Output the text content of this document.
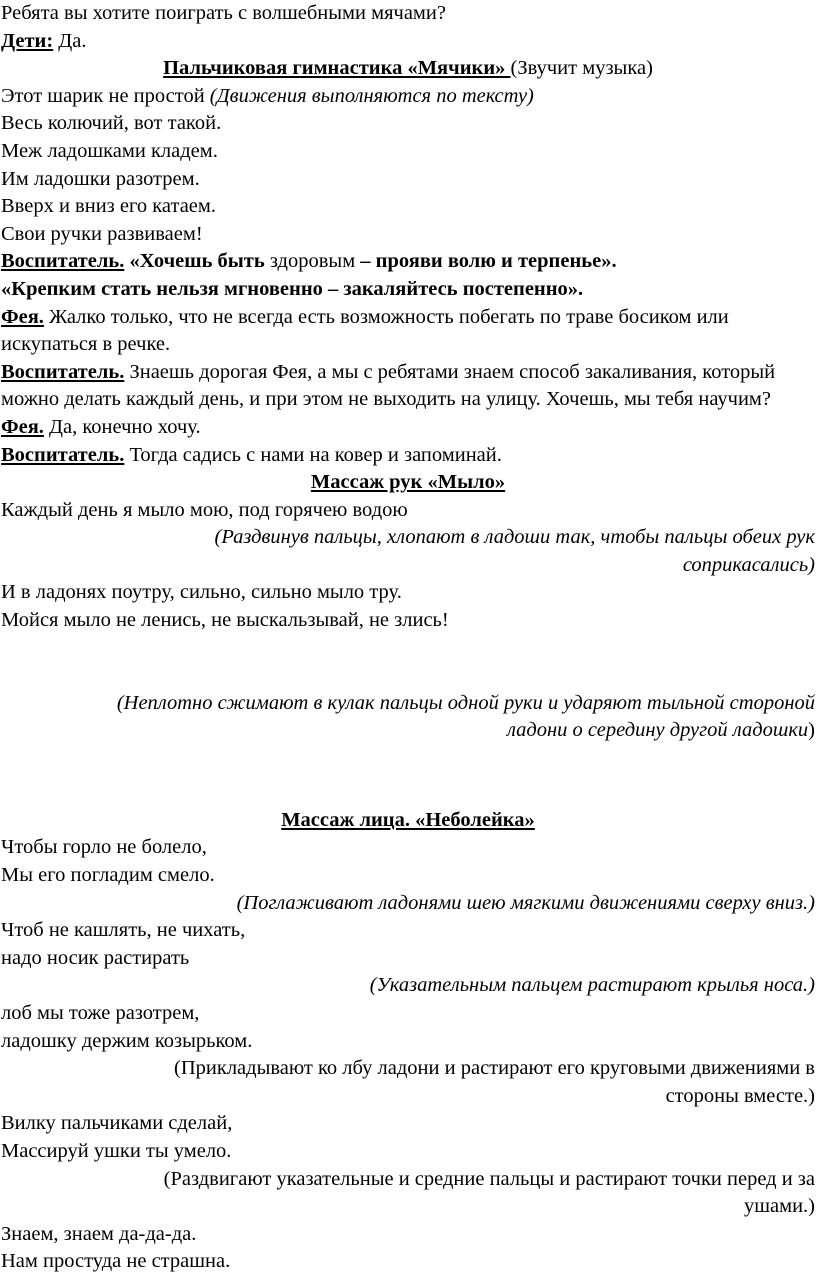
Ребята вы хотите поиграть с волшебными мячами?
Дети: Да.
Пальчиковая гимнастика «Мячики» (Звучит музыка)
Этот шарик не простой (Движения выполняются по тексту)
Весь колючий, вот такой.
Меж ладошками кладем.
Им ладошки разотрем.
Вверх и вниз его катаем.
Свои ручки развиваем!
Воспитатель. «Хочешь быть здоровым – прояви волю и терпенье».
«Крепким стать нельзя мгновенно – закаляйтесь постепенно».
Фея. Жалко только, что не всегда есть возможность побегать по траве босиком или искупаться в речке.
Воспитатель. Знаешь дорогая Фея, а мы с ребятами знаем способ закаливания, который можно делать каждый день, и при этом не выходить на улицу. Хочешь, мы тебя научим?
Фея. Да, конечно хочу.
Воспитатель. Тогда садись с нами на ковер и запоминай.
Массаж рук «Мыло»
Каждый день я мыло мою, под горячею водою
(Раздвинув пальцы, хлопают в ладоши так, чтобы пальцы обеих рук
соприкасались)
И в ладонях поутру, сильно, сильно мыло тру.
Мойся мыло не ленись, не выскальзывай, не злись!
(Неплотно сжимают в кулак пальцы одной руки и ударяют тыльной стороной
ладони о середину другой ладошки)
Массаж лица. «Неболейка»
Чтобы горло не болело,
Мы его погладим смело.
(Поглаживают ладонями шею мягкими движениями сверху вниз.)
Чтоб не кашлять, не чихать,
надо носик растирать
(Указательным пальцем растирают крылья носа.)
лоб мы тоже разотрем,
ладошку держим козырьком.
(Прикладывают ко лбу ладони и растирают его круговыми движениями в
стороны вместе.)
Вилку пальчиками сделай,
Массируй ушки ты умело.
(Раздвигают указательные и средние пальцы и растирают точки перед и за
ушами.)
Знаем, знаем да-да-да.
Нам простуда не страшна.
